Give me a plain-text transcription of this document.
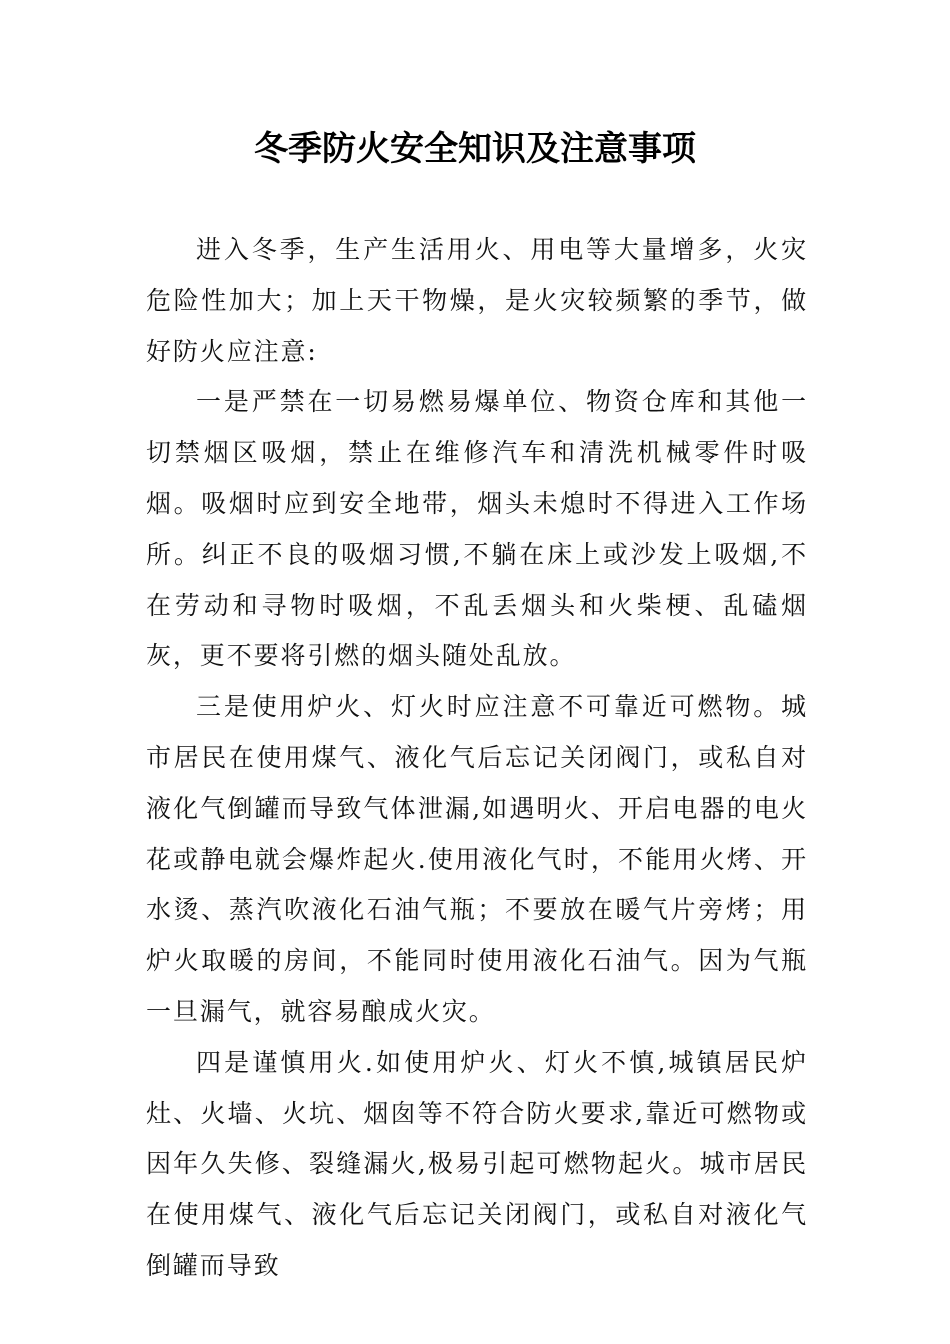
冬季防火安全知识及注意事项

进入冬季，生产生活用火、用电等大量增多，火灾危险性加大；加上天干物燥，是火灾较频繁的季节，做好防火应注意:

一是严禁在一切易燃易爆单位、物资仓库和其他一切禁烟区吸烟，禁止在维修汽车和清洗机械零件时吸烟。吸烟时应到安全地带，烟头未熄时不得进入工作场所。纠正不良的吸烟习惯,不躺在床上或沙发上吸烟,不在劳动和寻物时吸烟，不乱丢烟头和火柴梗、乱磕烟灰，更不要将引燃的烟头随处乱放。

三是使用炉火、灯火时应注意不可靠近可燃物。城市居民在使用煤气、液化气后忘记关闭阀门，或私自对液化气倒罐而导致气体泄漏,如遇明火、开启电器的电火花或静电就会爆炸起火.使用液化气时，不能用火烤、开水烫、蒸汽吹液化石油气瓶；不要放在暖气片旁烤；用炉火取暖的房间，不能同时使用液化石油气。因为气瓶一旦漏气，就容易酿成火灾。

四是谨慎用火.如使用炉火、灯火不慎,城镇居民炉灶、火墙、火坑、烟囱等不符合防火要求,靠近可燃物或因年久失修、裂缝漏火,极易引起可燃物起火。城市居民在使用煤气、液化气后忘记关闭阀门，或私自对液化气倒罐而导致
